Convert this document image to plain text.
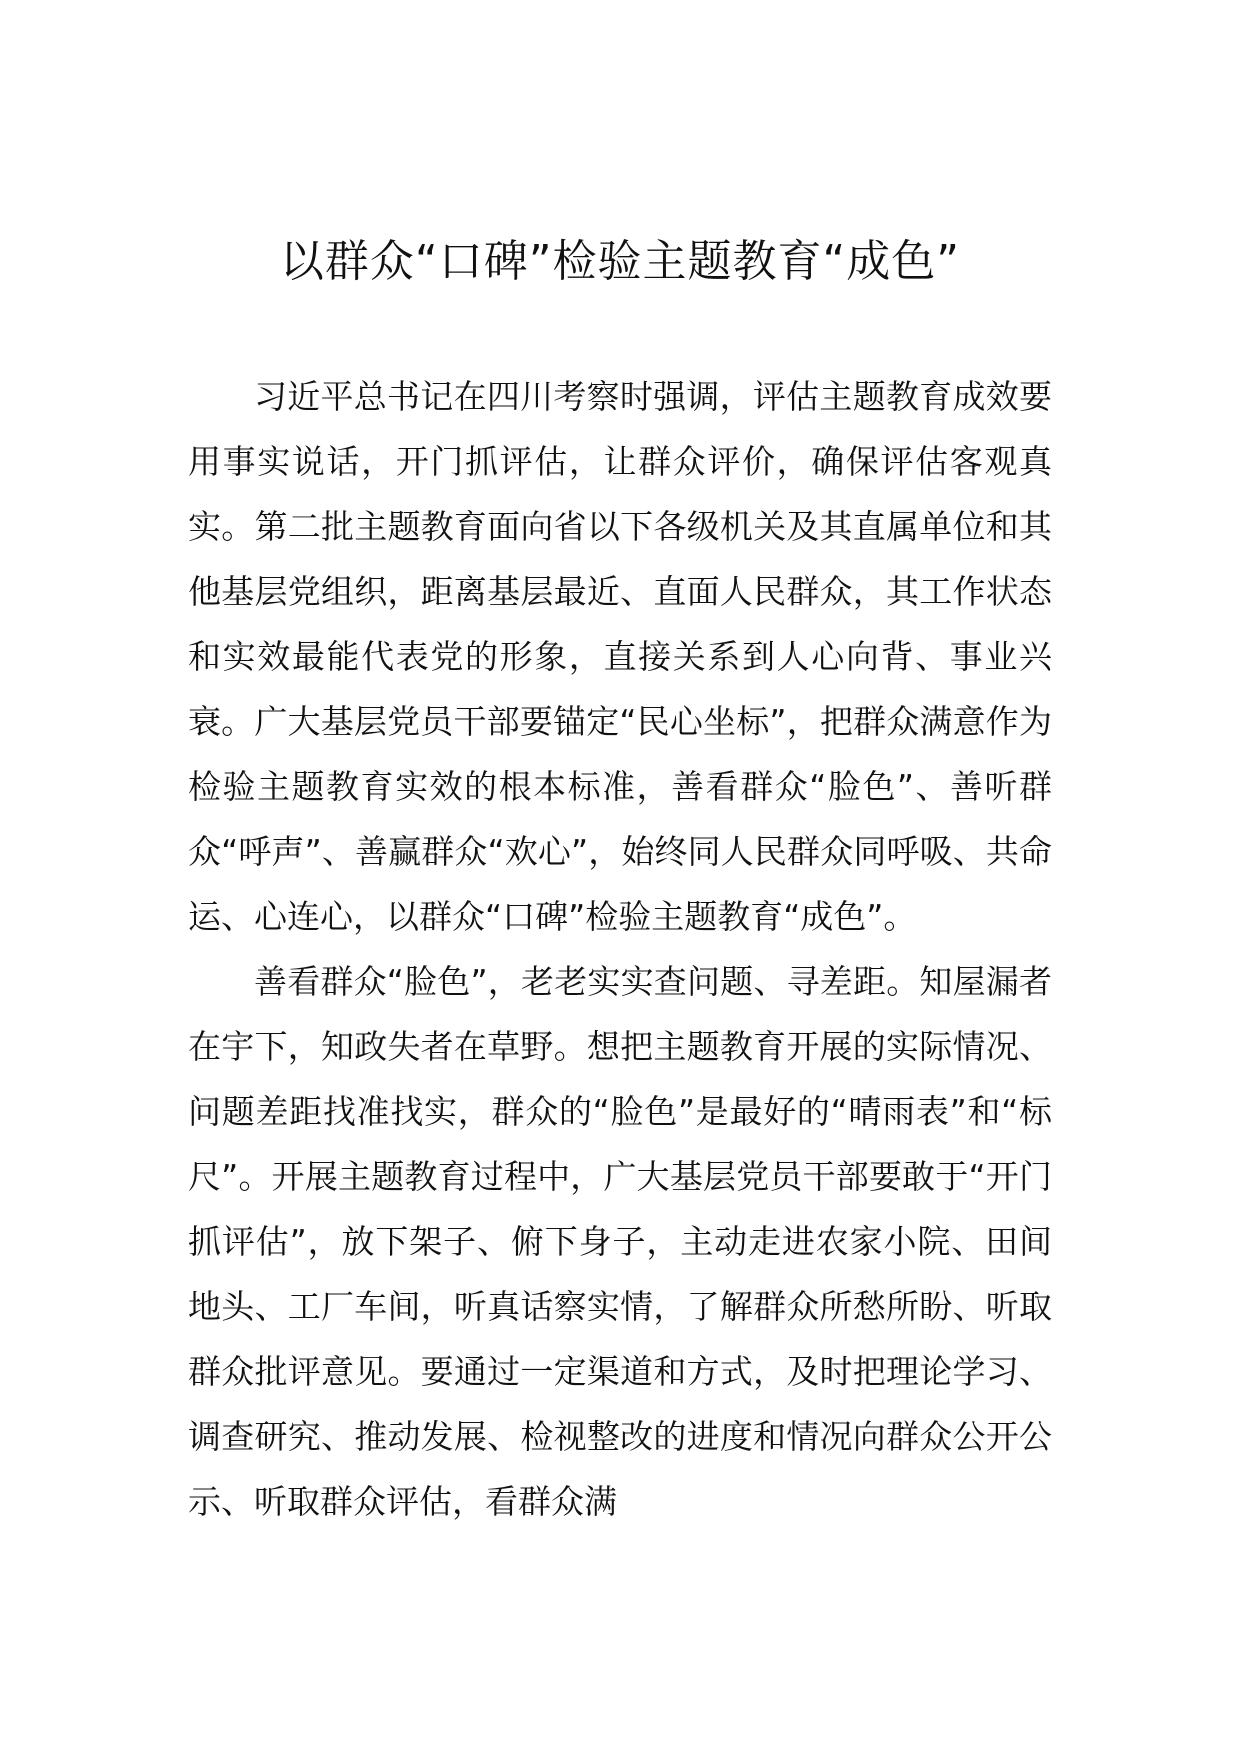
以群众“口碑”检验主题教育“成色”

习近平总书记在四川考察时强调，评估主题教育成效要用事实说话，开门抓评估，让群众评价，确保评估客观真实。第二批主题教育面向省以下各级机关及其直属单位和其他基层党组织，距离基层最近、直面人民群众，其工作状态和实效最能代表党的形象，直接关系到人心向背、事业兴衰。广大基层党员干部要锚定“民心坐标”，把群众满意作为检验主题教育实效的根本标准，善看群众“脸色”、善听群众“呼声”、善赢群众“欢心”，始终同人民群众同呼吸、共命运、心连心，以群众“口碑”检验主题教育“成色”。

善看群众“脸色”，老老实实查问题、寻差距。知屋漏者在宇下，知政失者在草野。想把主题教育开展的实际情况、问题差距找准找实，群众的“脸色”是最好的“晴雨表”和“标尺”。开展主题教育过程中，广大基层党员干部要敢于“开门抓评估”，放下架子、俯下身子，主动走进农家小院、田间地头、工厂车间，听真话察实情，了解群众所愁所盼、听取群众批评意见。要通过一定渠道和方式，及时把理论学习、调查研究、推动发展、检视整改的进度和情况向群众公开公示、听取群众评估，看群众满
